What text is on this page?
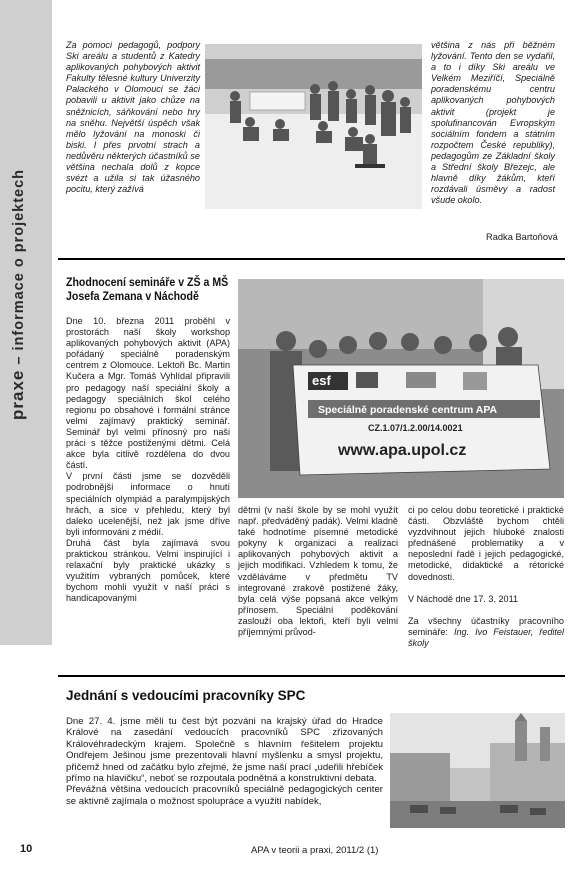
praxe – informace o projektech

Za pomoci pedagogů, podpory Ski areálu a studentů z Katedry aplikovaných pohybových aktivit Fakulty tělesné kultury Univerzity Palackého v Olomouci se žáci pobavili u aktivit jako chůze na sněžnicích, sáňkování nebo hry na sněhu. Největší úspěch však mělo lyžování na monoski či biski. I přes prvotní strach a nedůvěru některých účastníků se většina nechala dolů z kopce svézt a užila si tak úžasného pocitu, který zažívá

většina z nás při běžném lyžování. Tento den se vydařil, a to i díky Ski areálu ve Velkém Meziříčí, Speciálně poradenskému centru aplikovaných pohybových aktivit (projekt je spolufinancován Evropským sociálním fondem a státním rozpočtem České republiky), pedagogům ze Základní školy a Střední školy Březejc, ale hlavně díky žákům, kteří rozdávali úsměvy a radost všude okolo.

Radka Bartoňová
Zhodnocení semináře v ZŠ a MŠ
Josefa Zemana v Náchodě

Dne 10. března 2011 proběhl v prostorách naší školy workshop aplikovaných pohybových aktivit (APA) pořádaný speciálně poradenským centrem z Olomouce. Lektoři Bc. Martin Kučera a Mgr. Tomáš Vyhlídal připravili pro pedagogy naší speciální školy a pedagogy speciálních škol celého regionu po obsahové i formální stránce velmi zajímavý praktický seminář. Seminář byl velmi přínosný pro naši práci s těžce postiženými dětmi. Celá akce byla citlivě rozdělena do dvou částí.

V první části jsme se dozvěděli podrobnější informace o hnutí speciálních olympiád a paralympijských hrách, a sice v přehledu, který byl daleko ucelenější, než jak jsme dříve byli informováni z médií.

Druhá část byla zajímavá svou praktickou stránkou. Velmi inspirující i relaxační byly praktické ukázky s využitím vybraných pomůcek, které bychom mohli využít v naší práci s handicapovanými

esf
Speciálně poradenské centrum APA
CZ.1.07/1.2.00/14.0021
www.apa.upol.cz

dětmi (v naší škole by se mohl využít např. předváděný padák). Velmi kladně také hodnotíme písemné metodické pokyny k organizaci a realizaci aplikovaných pohybových aktivit a jejich modifikaci. Vzhledem k tomu, že vzděláváme v předmětu TV integrované zrakově postižené žáky, byla celá výše popsaná akce velkým přínosem. Speciální poděkování zaslouží oba lektoři, kteří byli velmi příjemnými průvod-

ci po celou dobu teoretické i praktické části. Obzvláště bychom chtěli vyzdvihnout jejich hluboké znalosti přednášené problematiky a v neposlední řadě i jejich pedagogické, metodické, didaktické a rétorické dovednosti.

V Náchodě dne 17. 3. 2011

Za všechny účastníky pracovního semináře: Ing. Ivo Feistauer, ředitel školy

Jednání s vedoucími pracovníky SPC

Dne 27. 4. jsme měli tu čest být pozváni na krajský úřad do Hradce Králové na zasedání vedoucích pracovníků SPC zřizovaných Královéhradeckým krajem. Společně s hlavním řešitelem projektu Ondřejem Ješinou jsme prezentovali hlavní myšlenku a smysl projektu, přičemž hned od začátku bylo zřejmé, že jsme naší prací „udeřili hřebíček přímo na hlavičku“, neboť se rozpoutala podnětná a konstruktivní debata.

Převážná většina vedoucích pracovníků speciálně pedagogických center se aktivně zajímala o možnost spolupráce a využití nabídek,

10	APA v teorii a praxi, 2011/2 (1)
